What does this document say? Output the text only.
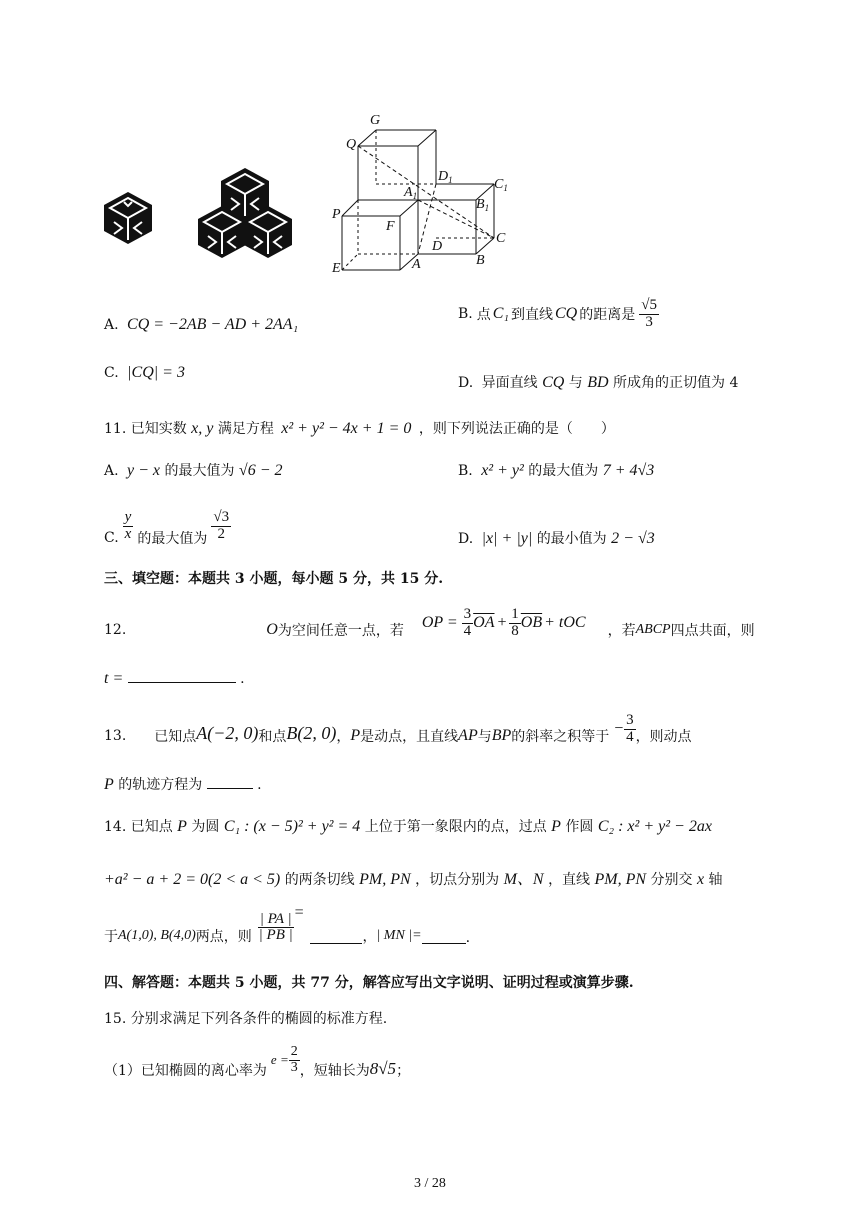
G
Q
$D_1$	$C_1$
$A_1$
$B_1$
P
F
D
C
E	A	B
A. CQ = −2AB − AD + 2AA₁
B. 点 C₁ 到直线 CQ 的距离是 $\frac{√5}{3}$
C. |CQ| = 3
D. 异面直线 CQ 与 BD 所成角的正切值为 4
11. 已知实数 x, y 满足方程 x² + y² − 4x + 1 = 0 ，则下列说法正确的是（　　）
A. y − x 的最大值为 √6 − 2	B. x² + y² 的最大值为 7 + 4√3
C. $\frac{y}{x}$ 的最大值为 $\frac{√3}{2}$	D. |x| + |y| 的最小值为 2 − √3
三、填空题：本题共 3 小题，每小题 5 分，共 15 分.
12.	O 为空间任意一点，若 OP = $\frac{3}{4} \overline{OA} + \frac{1}{8} \overline{OB}$ + tOC ，若 ABCP 四点共面，则
t =	.
13. 已知点 A(−2, 0) 和点 B(2, 0) ， P 是动点，且直线 AP 与 BP 的斜率之积等于 − $\frac{3}{4}$ ，则动点
P 的轨迹方程为	.
14. 已知点 P 为圆 C₁ : (x − 5)² + y² = 4 上位于第一象限内的点，过点 P 作圆 C₂ : x² + y² − 2ax
+a² − a + 2 = 0(2 < a < 5) 的两条切线 PM, PN ，切点分别为 M、N ，直线 PM, PN 分别交 x 轴
于 A(1,0), B(4,0) 两点，则 $\frac{| PA |}{| PB |}$ =
， | MN |=	.
四、解答题：本题共 5 小题，共 77 分，解答应写出文字说明、证明过程或演算步骤.
15. 分别求满足下列各条件的椭圆的标准方程.
（1）已知椭圆的离心率为
$e = \frac{2}{3}$ ，短轴长为 8√5 ；
3 / 28
